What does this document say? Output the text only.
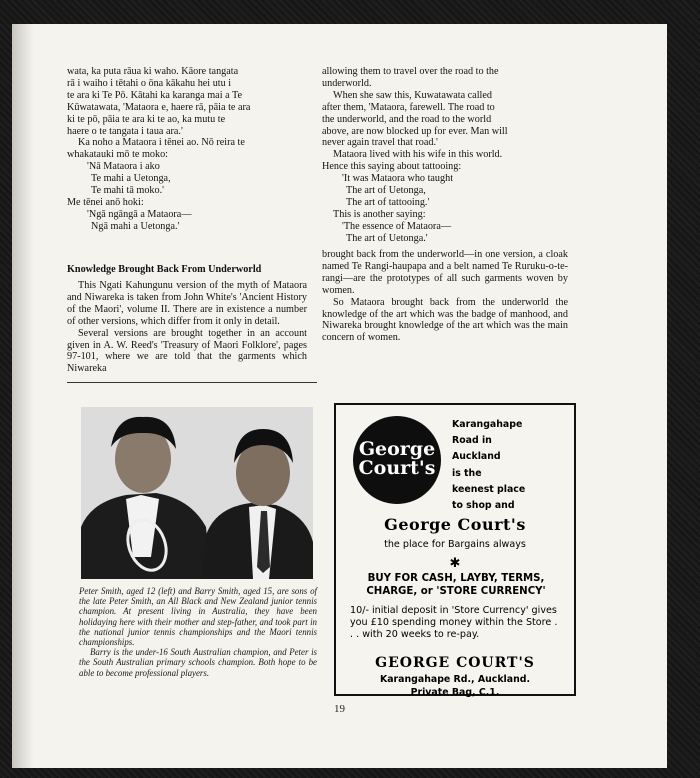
wata, ka puta rāua ki waho. Kāore tangata

rā i waiho i tētahi o ōna kākahu hei utu i

te ara ki Te Pō. Kātahi ka karanga mai a Te

Kūwatawata, 'Mataora e, haere rā, pāia te ara

ki te pō, pāia te ara ki te ao, ka mutu te

haere o te tangata i taua ara.'

Ka noho a Mataora i tēnei ao. Nō reira te

whakatauki mō te moko:

'Nā Mataora i ako

Te mahi a Uetonga,

Te mahi tā moko.'

Me tēnei anō hoki:

'Ngā ngāngā a Mataora—

Ngā mahi a Uetonga.'

allowing them to travel over the road to the

underworld.

When she saw this, Kuwatawata called

after them, 'Mataora, farewell. The road to

the underworld, and the road to the world

above, are now blocked up for ever. Man will

never again travel that road.'

Mataora lived with his wife in this world.

Hence this saying about tattooing:

'It was Mataora who taught

The art of Uetonga,

The art of tattooing.'

This is another saying:

'The essence of Mataora—

The art of Uetonga.'

Knowledge Brought Back From Underworld

This Ngati Kahungunu version of the myth of Mataora and Niwareka is taken from John White's 'Ancient History of the Maori', volume II. There are in existence a number of other versions, which differ from it only in detail.

Several versions are brought together in an account given in A. W. Reed's 'Treasury of Maori Folklore', pages 97-101, where we are told that the garments which Niwareka

brought back from the underworld—in one version, a cloak named Te Rangi-haupapa and a belt named Te Ruruku-o-te-rangi—are the prototypes of all such garments woven by women.

So Mataora brought back from the underworld the knowledge of the art which was the badge of manhood, and Niwareka brought knowledge of the art which was the main concern of women.

Peter Smith, aged 12 (left) and Barry Smith, aged 15, are sons of the late Peter Smith, an All Black and New Zealand junior tennis champion. At present living in Australia, they have been holidaying here with their mother and step-father, and took part in the national junior tennis championships and the Maori tennis championships.

Barry is the under-16 South Australian champion, and Peter is the South Australian primary schools champion. Both hope to be able to become professional players.

George
Court's
Karangahape
Road in
Auckland
is the
keenest place
to shop and
George Court's
the place for Bargains always
✱
BUY FOR CASH, LAYBY, TERMS,
CHARGE, or 'STORE CURRENCY'
10/- initial deposit in 'Store Currency' gives you £10 spending money within the Store . . . with 20 weeks to re-pay.
GEORGE COURT'S
Karangahape Rd., Auckland.
Private Bag, C.1.
19
